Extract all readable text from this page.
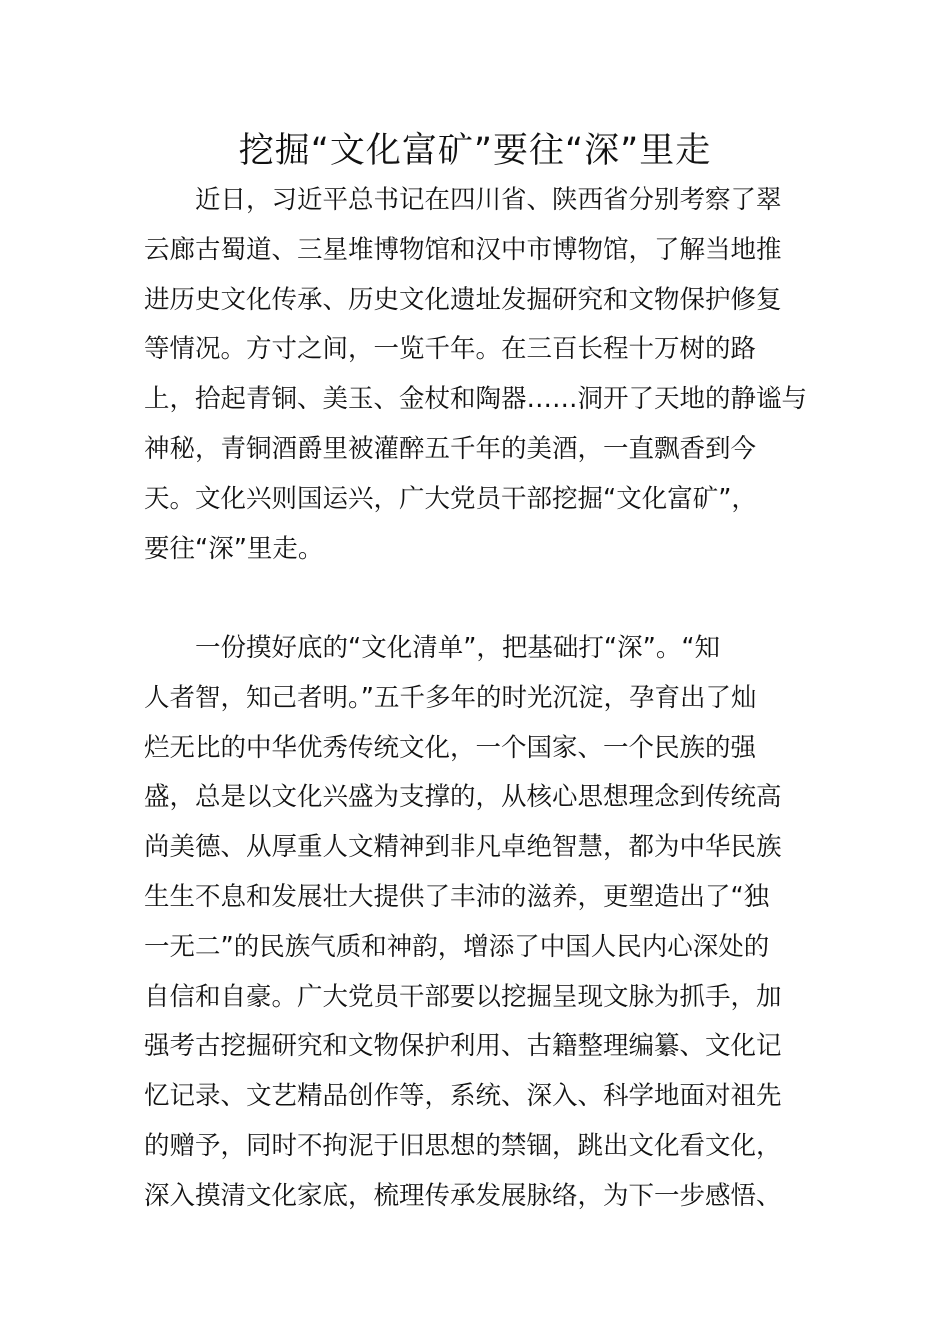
挖掘“文化富矿”要往“深”里走
近日，习近平总书记在四川省、陕西省分别考察了翠
云廊古蜀道、三星堆博物馆和汉中市博物馆，了解当地推
进历史文化传承、历史文化遗址发掘研究和文物保护修复
等情况。方寸之间，一览千年。在三百长程十万树的路
上，拾起青铜、美玉、金杖和陶器……洞开了天地的静谧与
神秘，青铜酒爵里被灌醉五千年的美酒，一直飘香到今
天。文化兴则国运兴，广大党员干部挖掘“文化富矿”，
要往“深”里走。
一份摸好底的“文化清单”，把基础打“深”。“知
人者智，知己者明。”五千多年的时光沉淀，孕育出了灿
烂无比的中华优秀传统文化，一个国家、一个民族的强
盛，总是以文化兴盛为支撑的，从核心思想理念到传统高
尚美德、从厚重人文精神到非凡卓绝智慧，都为中华民族
生生不息和发展壮大提供了丰沛的滋养，更塑造出了“独
一无二”的民族气质和神韵，增添了中国人民内心深处的
自信和自豪。广大党员干部要以挖掘呈现文脉为抓手，加
强考古挖掘研究和文物保护利用、古籍整理编纂、文化记
忆记录、文艺精品创作等，系统、深入、科学地面对祖先
的赠予，同时不拘泥于旧思想的禁锢，跳出文化看文化，
深入摸清文化家底，梳理传承发展脉络，为下一步感悟、
